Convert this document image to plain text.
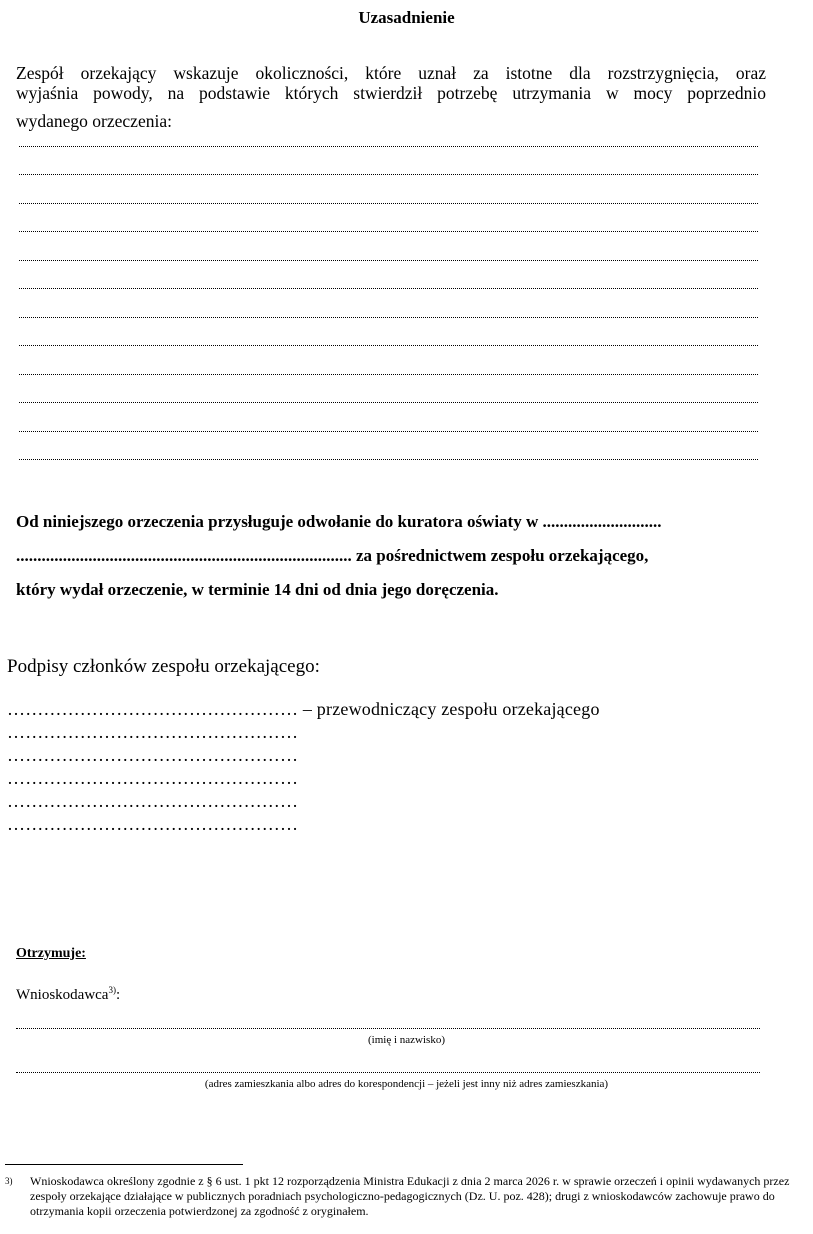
Uzasadnienie
Zespół orzekający wskazuje okoliczności, które uznał za istotne dla rozstrzygnięcia, oraz
wyjaśnia powody, na podstawie których stwierdził potrzebę utrzymania w mocy poprzednio
wydanego orzeczenia:
Od niniejszego orzeczenia przysługuje odwołanie do kuratora oświaty w ............................
............................................................................... za pośrednictwem zespołu orzekającego,
który wydał orzeczenie, w terminie 14 dni od dnia jego doręczenia.
Podpisy członków zespołu orzekającego:
………………………………………… – przewodniczący zespołu orzekającego
…………………………………………
…………………………………………
…………………………………………
…………………………………………
…………………………………………
Otrzymuje:
Wnioskodawca$^{3)}$:
(imię i nazwisko)
(adres zamieszkania albo adres do korespondencji – jeżeli jest inny niż adres zamieszkania)
3) Wnioskodawca określony zgodnie z § 6 ust. 1 pkt 12 rozporządzenia Ministra Edukacji z dnia 2 marca 2026 r. w sprawie orzeczeń i opinii wydawanych przez zespoły orzekające działające w publicznych poradniach psychologiczno-pedagogicznych (Dz. U. poz. 428); drugi z wnioskodawców zachowuje prawo do otrzymania kopii orzeczenia potwierdzonej za zgodność z oryginałem.
